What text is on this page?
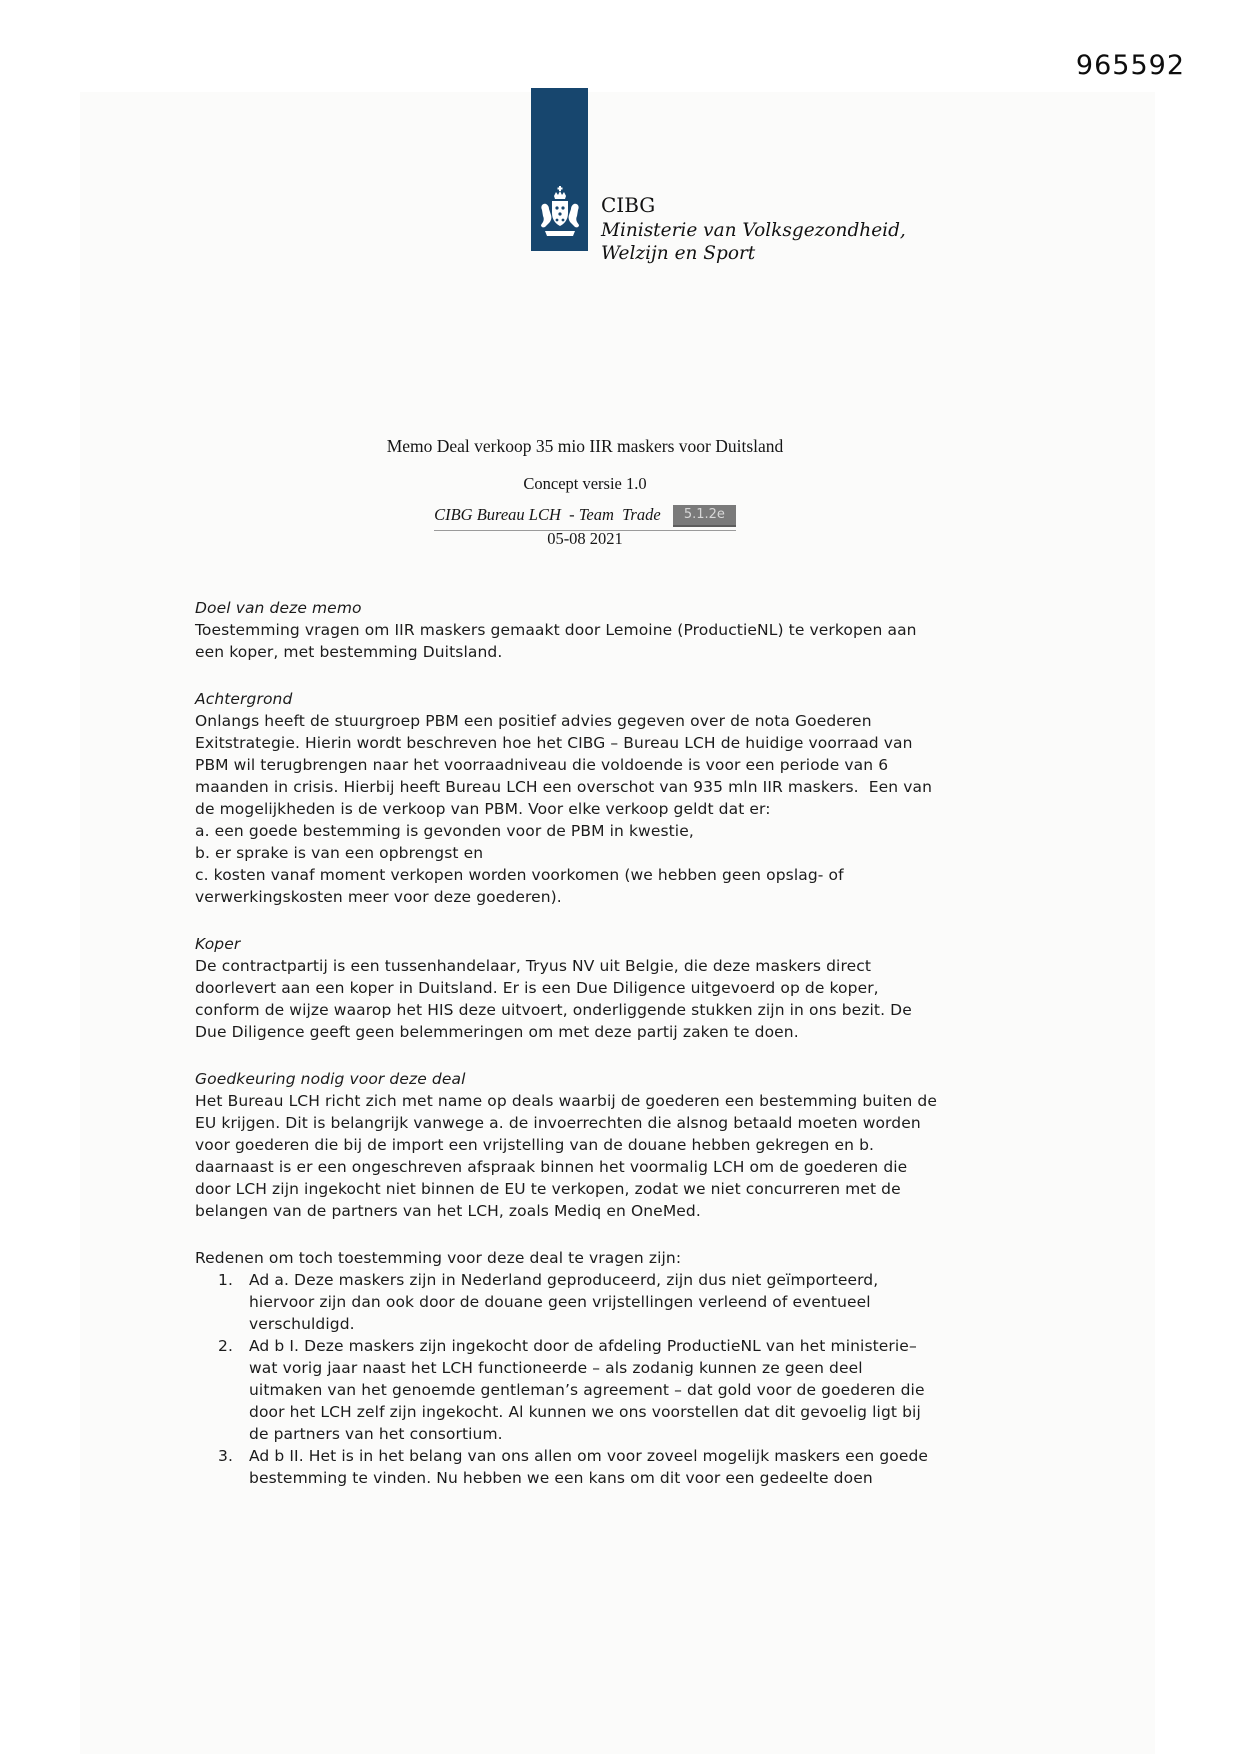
965592
CIBG
Ministerie van Volksgezondheid,
Welzijn en Sport
Memo Deal verkoop 35 mio IIR maskers voor Duitsland
Concept versie 1.0
CIBG Bureau LCH  - Team  Trade 5.1.2e
05-08 2021
Doel van deze memo

Toestemming vragen om IIR maskers gemaakt door Lemoine (ProductieNL) te verkopen aan een koper, met bestemming Duitsland.

Achtergrond

Onlangs heeft de stuurgroep PBM een positief advies gegeven over de nota Goederen Exitstrategie. Hierin wordt beschreven hoe het CIBG – Bureau LCH de huidige voorraad van PBM wil terugbrengen naar het voorraadniveau die voldoende is voor een periode van 6 maanden in crisis. Hierbij heeft Bureau LCH een overschot van 935 mln IIR maskers.  Een van de mogelijkheden is de verkoop van PBM. Voor elke verkoop geldt dat er:

a. een goede bestemming is gevonden voor de PBM in kwestie,

b. er sprake is van een opbrengst en

c. kosten vanaf moment verkopen worden voorkomen (we hebben geen opslag- of verwerkingskosten meer voor deze goederen).

Koper

De contractpartij is een tussenhandelaar, Tryus NV uit Belgie, die deze maskers direct doorlevert aan een koper in Duitsland. Er is een Due Diligence uitgevoerd op de koper, conform de wijze waarop het HIS deze uitvoert, onderliggende stukken zijn in ons bezit. De Due Diligence geeft geen belemmeringen om met deze partij zaken te doen.

Goedkeuring nodig voor deze deal

Het Bureau LCH richt zich met name op deals waarbij de goederen een bestemming buiten de EU krijgen. Dit is belangrijk vanwege a. de invoerrechten die alsnog betaald moeten worden voor goederen die bij de import een vrijstelling van de douane hebben gekregen en b. daarnaast is er een ongeschreven afspraak binnen het voormalig LCH om de goederen die door LCH zijn ingekocht niet binnen de EU te verkopen, zodat we niet concurreren met de belangen van de partners van het LCH, zoals Mediq en OneMed.

Redenen om toch toestemming voor deze deal te vragen zijn:

1.	Ad a. Deze maskers zijn in Nederland geproduceerd, zijn dus niet geïmporteerd, hiervoor zijn dan ook door de douane geen vrijstellingen verleend of eventueel verschuldigd.
2.	Ad b I. Deze maskers zijn ingekocht door de afdeling ProductieNL van het ministerie– wat vorig jaar naast het LCH functioneerde – als zodanig kunnen ze geen deel uitmaken van het genoemde gentleman’s agreement – dat gold voor de goederen die door het LCH zelf zijn ingekocht. Al kunnen we ons voorstellen dat dit gevoelig ligt bij de partners van het consortium.
3.	Ad b II. Het is in het belang van ons allen om voor zoveel mogelijk maskers een goede bestemming te vinden. Nu hebben we een kans om dit voor een gedeelte doen
